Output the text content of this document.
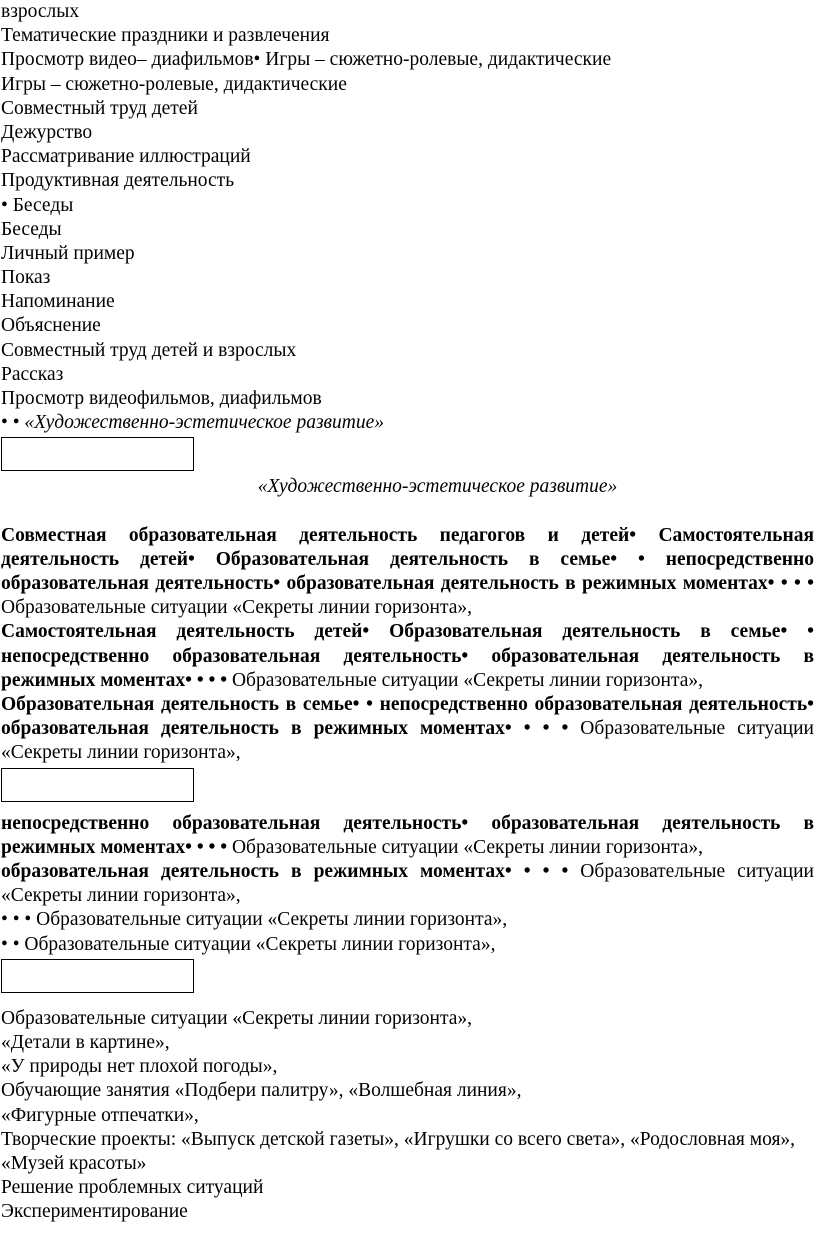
взрослых
Тематические праздники и развлечения
Просмотр видео– диафильмов• Игры – сюжетно-ролевые, дидактические
Игры – сюжетно-ролевые, дидактические
Совместный труд детей
Дежурство
Рассматривание иллюстраций
Продуктивная деятельность
• Беседы
Беседы
Личный пример
Показ
Напоминание
Объяснение
Совместный труд детей и взрослых
Рассказ
Просмотр видеофильмов, диафильмов
• • «Художественно-эстетическое развитие»
«Художественно-эстетическое развитие»

Совместная образовательная деятельность педагогов и детей• Самостоятельная деятельность детей• Образовательная деятельность в семье• • непосредственно образовательная деятельность• образовательная деятельность в режимных моментах• • • • Образовательные ситуации «Секреты линии горизонта»,

Самостоятельная деятельность детей• Образовательная деятельность в семье• • непосредственно образовательная деятельность• образовательная деятельность в режимных моментах• • • • Образовательные ситуации «Секреты линии горизонта»,

Образовательная деятельность в семье• • непосредственно образовательная деятельность• образовательная деятельность в режимных моментах• • • • Образовательные ситуации «Секреты линии горизонта»,

непосредственно образовательная деятельность• образовательная деятельность в режимных моментах• • • • Образовательные ситуации «Секреты линии горизонта»,

образовательная деятельность в режимных моментах• • • • Образовательные ситуации «Секреты линии горизонта»,

• • • Образовательные ситуации «Секреты линии горизонта»,
• • Образовательные ситуации «Секреты линии горизонта»,
Образовательные ситуации «Секреты линии горизонта»,
«Детали в картине»,
«У природы нет плохой погоды»,
Обучающие занятия «Подбери палитру», «Волшебная линия»,
«Фигурные отпечатки»,

Творческие проекты: «Выпуск детской газеты», «Игрушки со всего света», «Родословная моя»,

«Музей красоты»
Решение проблемных ситуаций
Экспериментирование
